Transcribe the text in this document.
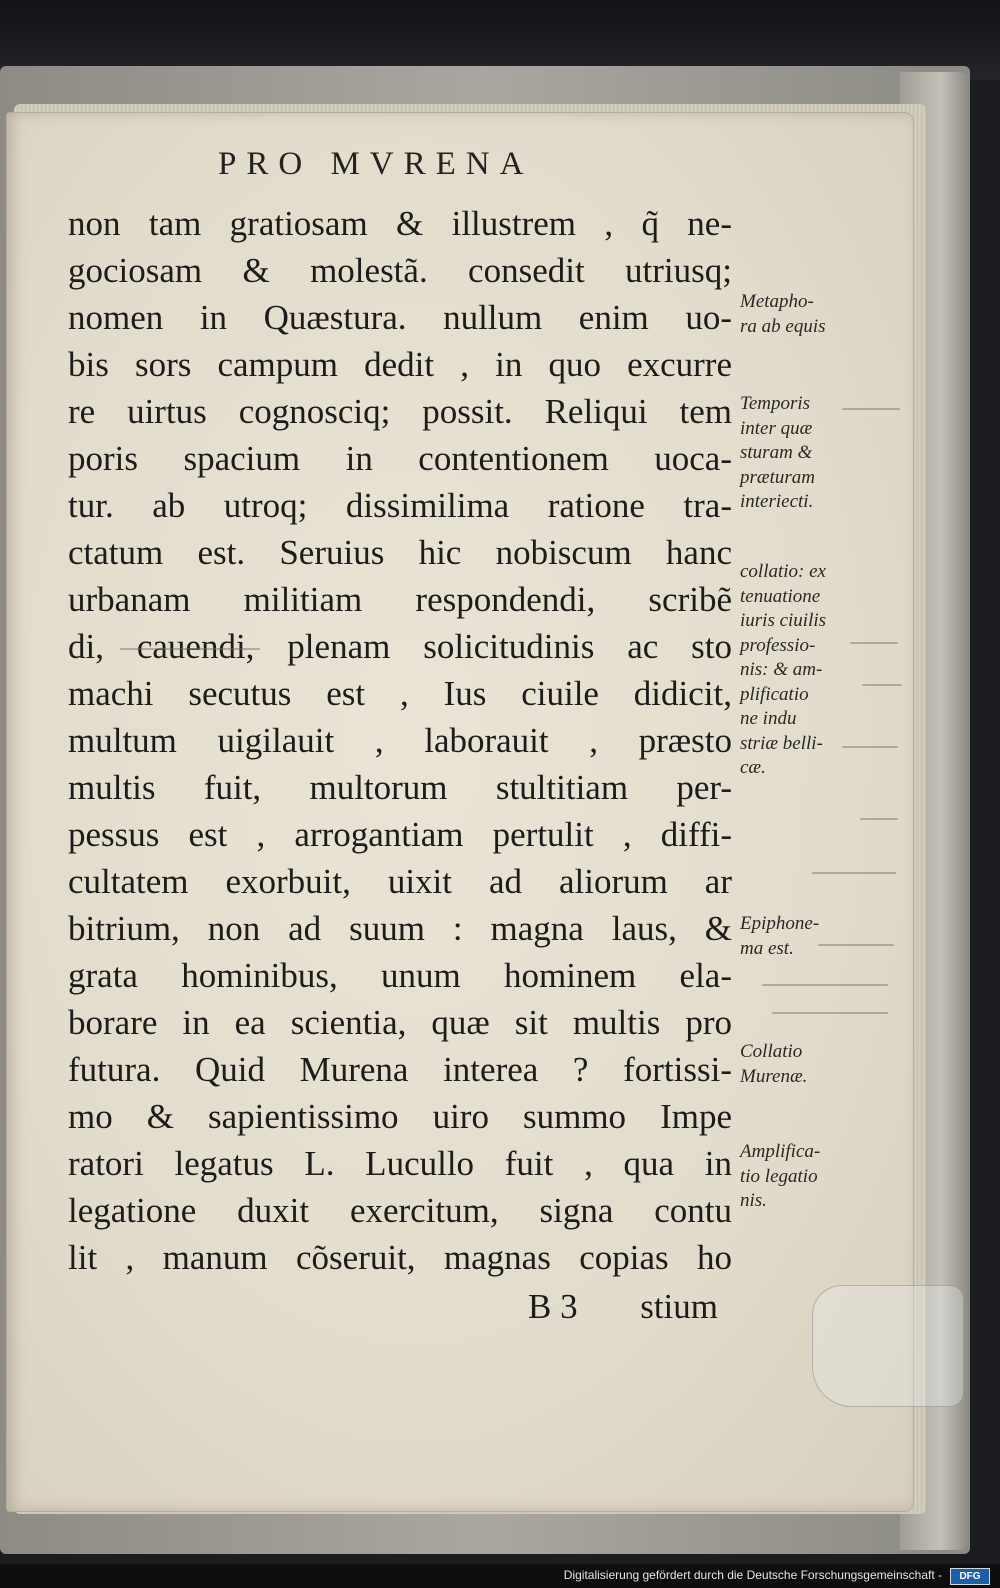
PRO MVRENA
non tam gratiosam & illustrem , q̃ ne-
gociosam & molestã. consedit utriusq;
nomen in Quæstura. nullum enim uo-
bis sors campum dedit , in quo excurre
re uirtus cognosciq; possit. Reliqui tem
poris spacium in contentionem uoca-
tur. ab utroq; dissimilima ratione tra-
ctatum est. Seruius hic nobiscum hanc
urbanam militiam respondendi, scribẽ
di, cauendi, plenam solicitudinis ac sto
machi secutus est , Ius ciuile didicit,
multum uigilauit , laborauit , præsto
multis fuit, multorum stultitiam per-
pessus est , arrogantiam pertulit , diffi-
cultatem exorbuit, uixit ad aliorum ar
bitrium, non ad suum : magna laus, &
grata hominibus, unum hominem ela-
borare in ea scientia, quæ sit multis pro
futura. Quid Murena interea ? fortissi-
mo & sapientissimo uiro summo Impe
ratori legatus L. Lucullo fuit , qua in
legatione duxit exercitum, signa contu
lit , manum cõseruit, magnas copias ho
B 3 stium
Metapho-
ra ab equis
Temporis
inter quæ
sturam &
præturam
interiecti.
collatio: ex
tenuatione
iuris ciuilis
professio-
nis: & am-
plificatio
ne indu
striæ belli-
cæ.
Epiphone-
ma est.
Collatio
Murenæ.
Amplifica-
tio legatio
nis.
Digitalisierung gefördert durch die Deutsche Forschungsgemeinschaft -	DFG
